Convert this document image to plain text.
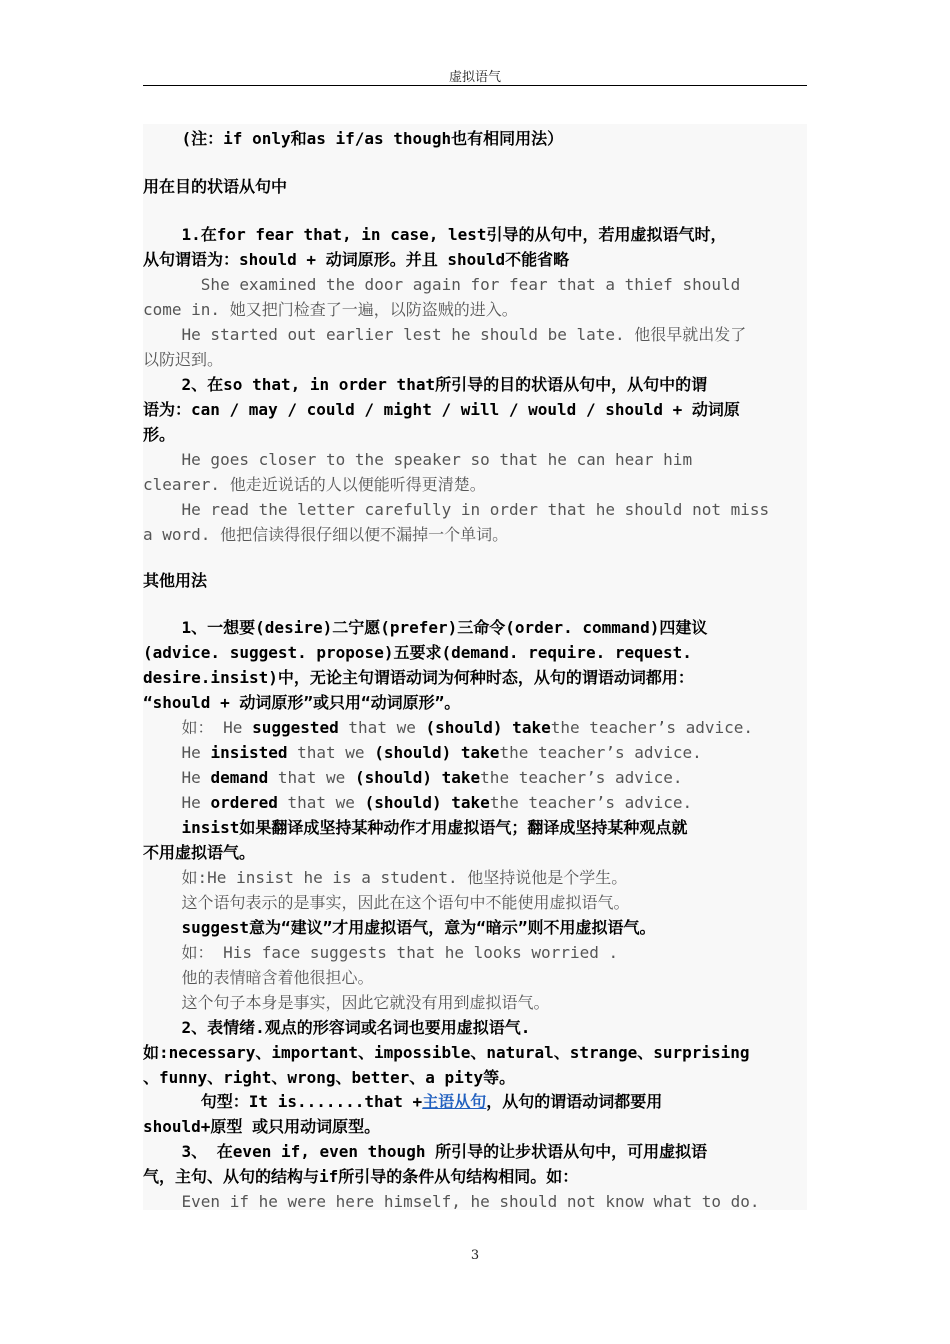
虚拟语气
(注：if only和as if/as though也有相同用法）
用在目的状语从句中
1.在for fear that, in case, lest引导的从句中，若用虚拟语气时，
从句谓语为：should + 动词原形。并且 should不能省略
She examined the door again for fear that a thief should
come in. 她又把门检查了一遍，以防盗贼的进入。
He started out earlier lest he should be late. 他很早就出发了
以防迟到。
2、在so that, in order that所引导的目的状语从句中，从句中的谓
语为：can / may / could / might / will / would / should + 动词原
形。
He goes closer to the speaker so that he can hear him
clearer. 他走近说话的人以便能听得更清楚。
He read the letter carefully in order that he should not miss
a word. 他把信读得很仔细以便不漏掉一个单词。
其他用法
1、一想要(desire)二宁愿(prefer)三命令(order. command)四建议
(advice. suggest. propose)五要求(demand. require. request.
desire.insist)中，无论主句谓语动词为何种时态，从句的谓语动词都用：
“should + 动词原形”或只用“动词原形”。
如： He suggested that we (should) takethe teacher’s advice.
He insisted that we (should) takethe teacher’s advice.
He demand that we (should) takethe teacher’s advice.
He ordered that we (should) takethe teacher’s advice.
insist如果翻译成坚持某种动作才用虚拟语气；翻译成坚持某种观点就
不用虚拟语气。
如:He insist he is a student. 他坚持说他是个学生。
这个语句表示的是事实，因此在这个语句中不能使用虚拟语气。
suggest意为“建议”才用虚拟语气，意为“暗示”则不用虚拟语气。
如： His face suggests that he looks worried .
他的表情暗含着他很担心。
这个句子本身是事实，因此它就没有用到虚拟语气。
2、表情绪.观点的形容词或名词也要用虚拟语气.
如:necessary、important、impossible、natural、strange、surprising
、funny、right、wrong、better、a pity等。
句型：It is.......that +主语从句，从句的谓语动词都要用
should+原型 或只用动词原型。
3、 在even if, even though 所引导的让步状语从句中，可用虚拟语
气，主句、从句的结构与if所引导的条件从句结构相同。如：
Even if he were here himself, he should not know what to do.
3
